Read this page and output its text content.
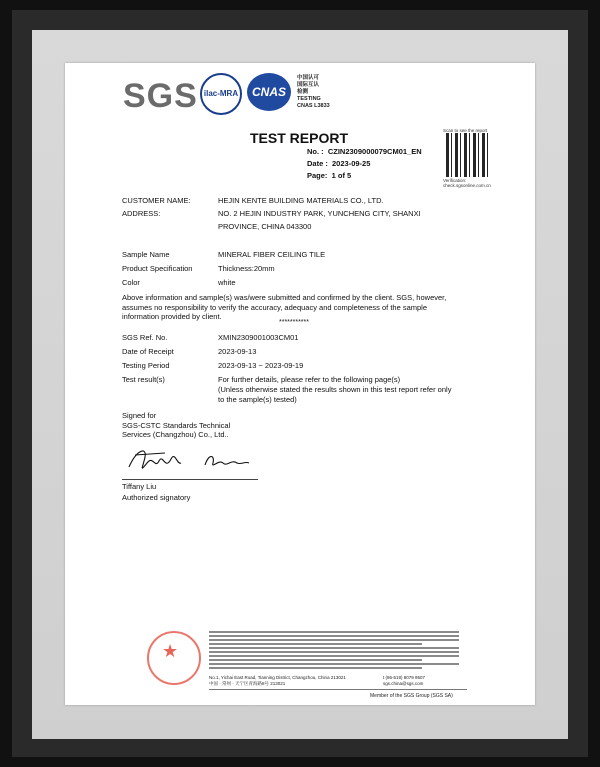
SGS ilac-MRA	CNAS
中国认可
国际互认
检测
TESTING
CNAS L3833
TEST REPORT
No. : CZIN2309000079CM01_EN
Date : 2023-09-25
Page: 1 of 5
Scan to see the report
Verification:
check.sgsonline.com.cn
CUSTOMER NAME:	HEJIN KENTE BUILDING MATERIALS CO., LTD.
ADDRESS:	NO. 2 HEJIN INDUSTRY PARK, YUNCHENG CITY, SHANXI
PROVINCE, CHINA 043300
Sample Name	MINERAL FIBER CEILING TILE
Product Specification	Thickness:20mm
Color	white
Above information and sample(s) was/were submitted and confirmed by the client. SGS, however,
assumes no responsibility to verify the accuracy, adequacy and completeness of the sample
information provided by client.
***********
SGS Ref. No.	XMIN2309001003CM01
Date of Receipt	2023-09-13
Testing Period	2023-09-13 ~ 2023-09-19
Test result(s)	For further details, please refer to the following page(s)
(Unless otherwise stated the results shown in this test report refer only
to the sample(s) tested)
Signed for
SGS-CSTC Standards Technical
Services (Changzhou) Co., Ltd..
Tiffany Liu
Authorized signatory
★
No.1, Yichai East Road, Tianning District, Changzhou, China 213021
中国 · 常州 · 天宁区青海路8号 213021
t (86-519) 8079 9507
sgs.china@sgs.com
Member of the SGS Group (SGS SA)
